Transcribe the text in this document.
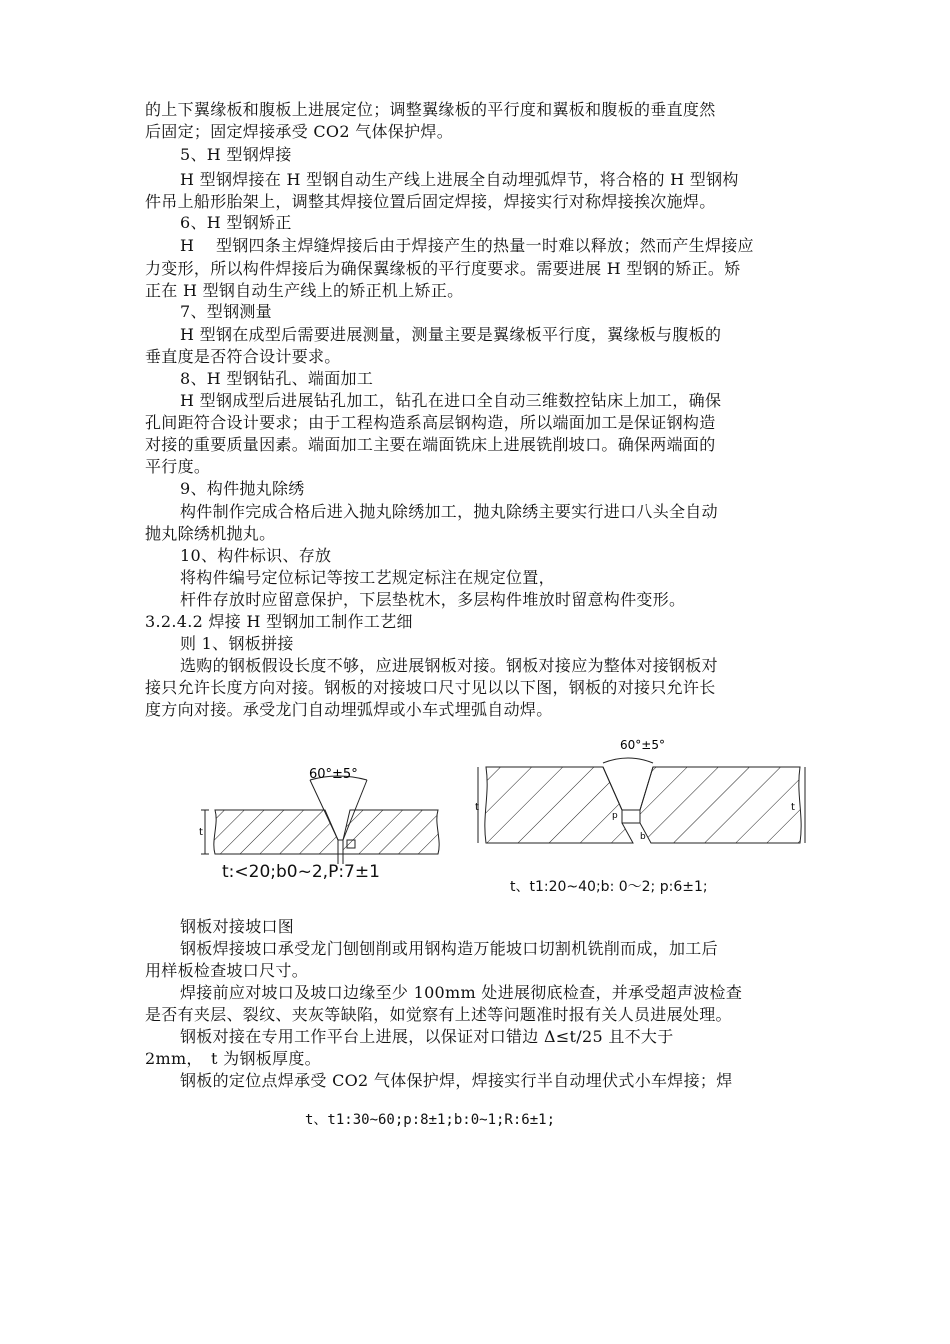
的上下翼缘板和腹板上进展定位；调整翼缘板的平行度和翼板和腹板的垂直度然
后固定；固定焊接承受 CO2 气体保护焊。
5、H 型钢焊接
H 型钢焊接在 H 型钢自动生产线上进展全自动埋弧焊节，将合格的 H 型钢构
件吊上船形胎架上，调整其焊接位置后固定焊接，焊接实行对称焊接挨次施焊。
6、H 型钢矫正
H　 型钢四条主焊缝焊接后由于焊接产生的热量一时难以释放；然而产生焊接应
力变形，所以构件焊接后为确保翼缘板的平行度要求。需要进展 H 型钢的矫正。矫
正在 H 型钢自动生产线上的矫正机上矫正。
7、型钢测量
H 型钢在成型后需要进展测量，测量主要是翼缘板平行度，翼缘板与腹板的
垂直度是否符合设计要求。
8、H 型钢钻孔、端面加工
H 型钢成型后进展钻孔加工，钻孔在进口全自动三维数控钻床上加工，确保
孔间距符合设计要求；由于工程构造系高层钢构造，所以端面加工是保证钢构造
对接的重要质量因素。端面加工主要在端面铣床上进展铣削坡口。确保两端面的
平行度。
9、构件抛丸除绣
构件制作完成合格后进入抛丸除绣加工，抛丸除绣主要实行进口八头全自动
抛丸除绣机抛丸。
10、构件标识、存放
将构件编号定位标记等按工艺规定标注在规定位置，
杆件存放时应留意保护，下层垫枕木，多层构件堆放时留意构件变形。
3.2.4.2 焊接 H 型钢加工制作工艺细
则 1、钢板拼接
选购的钢板假设长度不够，应进展钢板对接。钢板对接应为整体对接钢板对
接只允许长度方向对接。钢板的对接坡口尺寸见以以下图，钢板的对接只允许长
度方向对接。承受龙门自动埋弧焊或小车式埋弧自动焊。
t
60°±5°
t:<20;b0~2,P:7±1
p
b
t	t
60°±5°
t、t1:20~40;b: 0～2; p:6±1;
钢板对接坡口图
钢板焊接坡口承受龙门刨刨削或用钢构造万能坡口切割机铣削而成，加工后
用样板检查坡口尺寸。
焊接前应对坡口及坡口边缘至少 100mm 处进展彻底检查，并承受超声波检查
是否有夹层、裂纹、夹灰等缺陷，如觉察有上述等问题准时报有关人员进展处理。
钢板对接在专用工作平台上进展，以保证对口错边 Δ≤t/25 且不大于
2mm，　t 为钢板厚度。
钢板的定位点焊承受 CO2 气体保护焊，焊接实行半自动埋伏式小车焊接；焊
t、t1:30~60;p:8±1;b:0~1;R:6±1;
